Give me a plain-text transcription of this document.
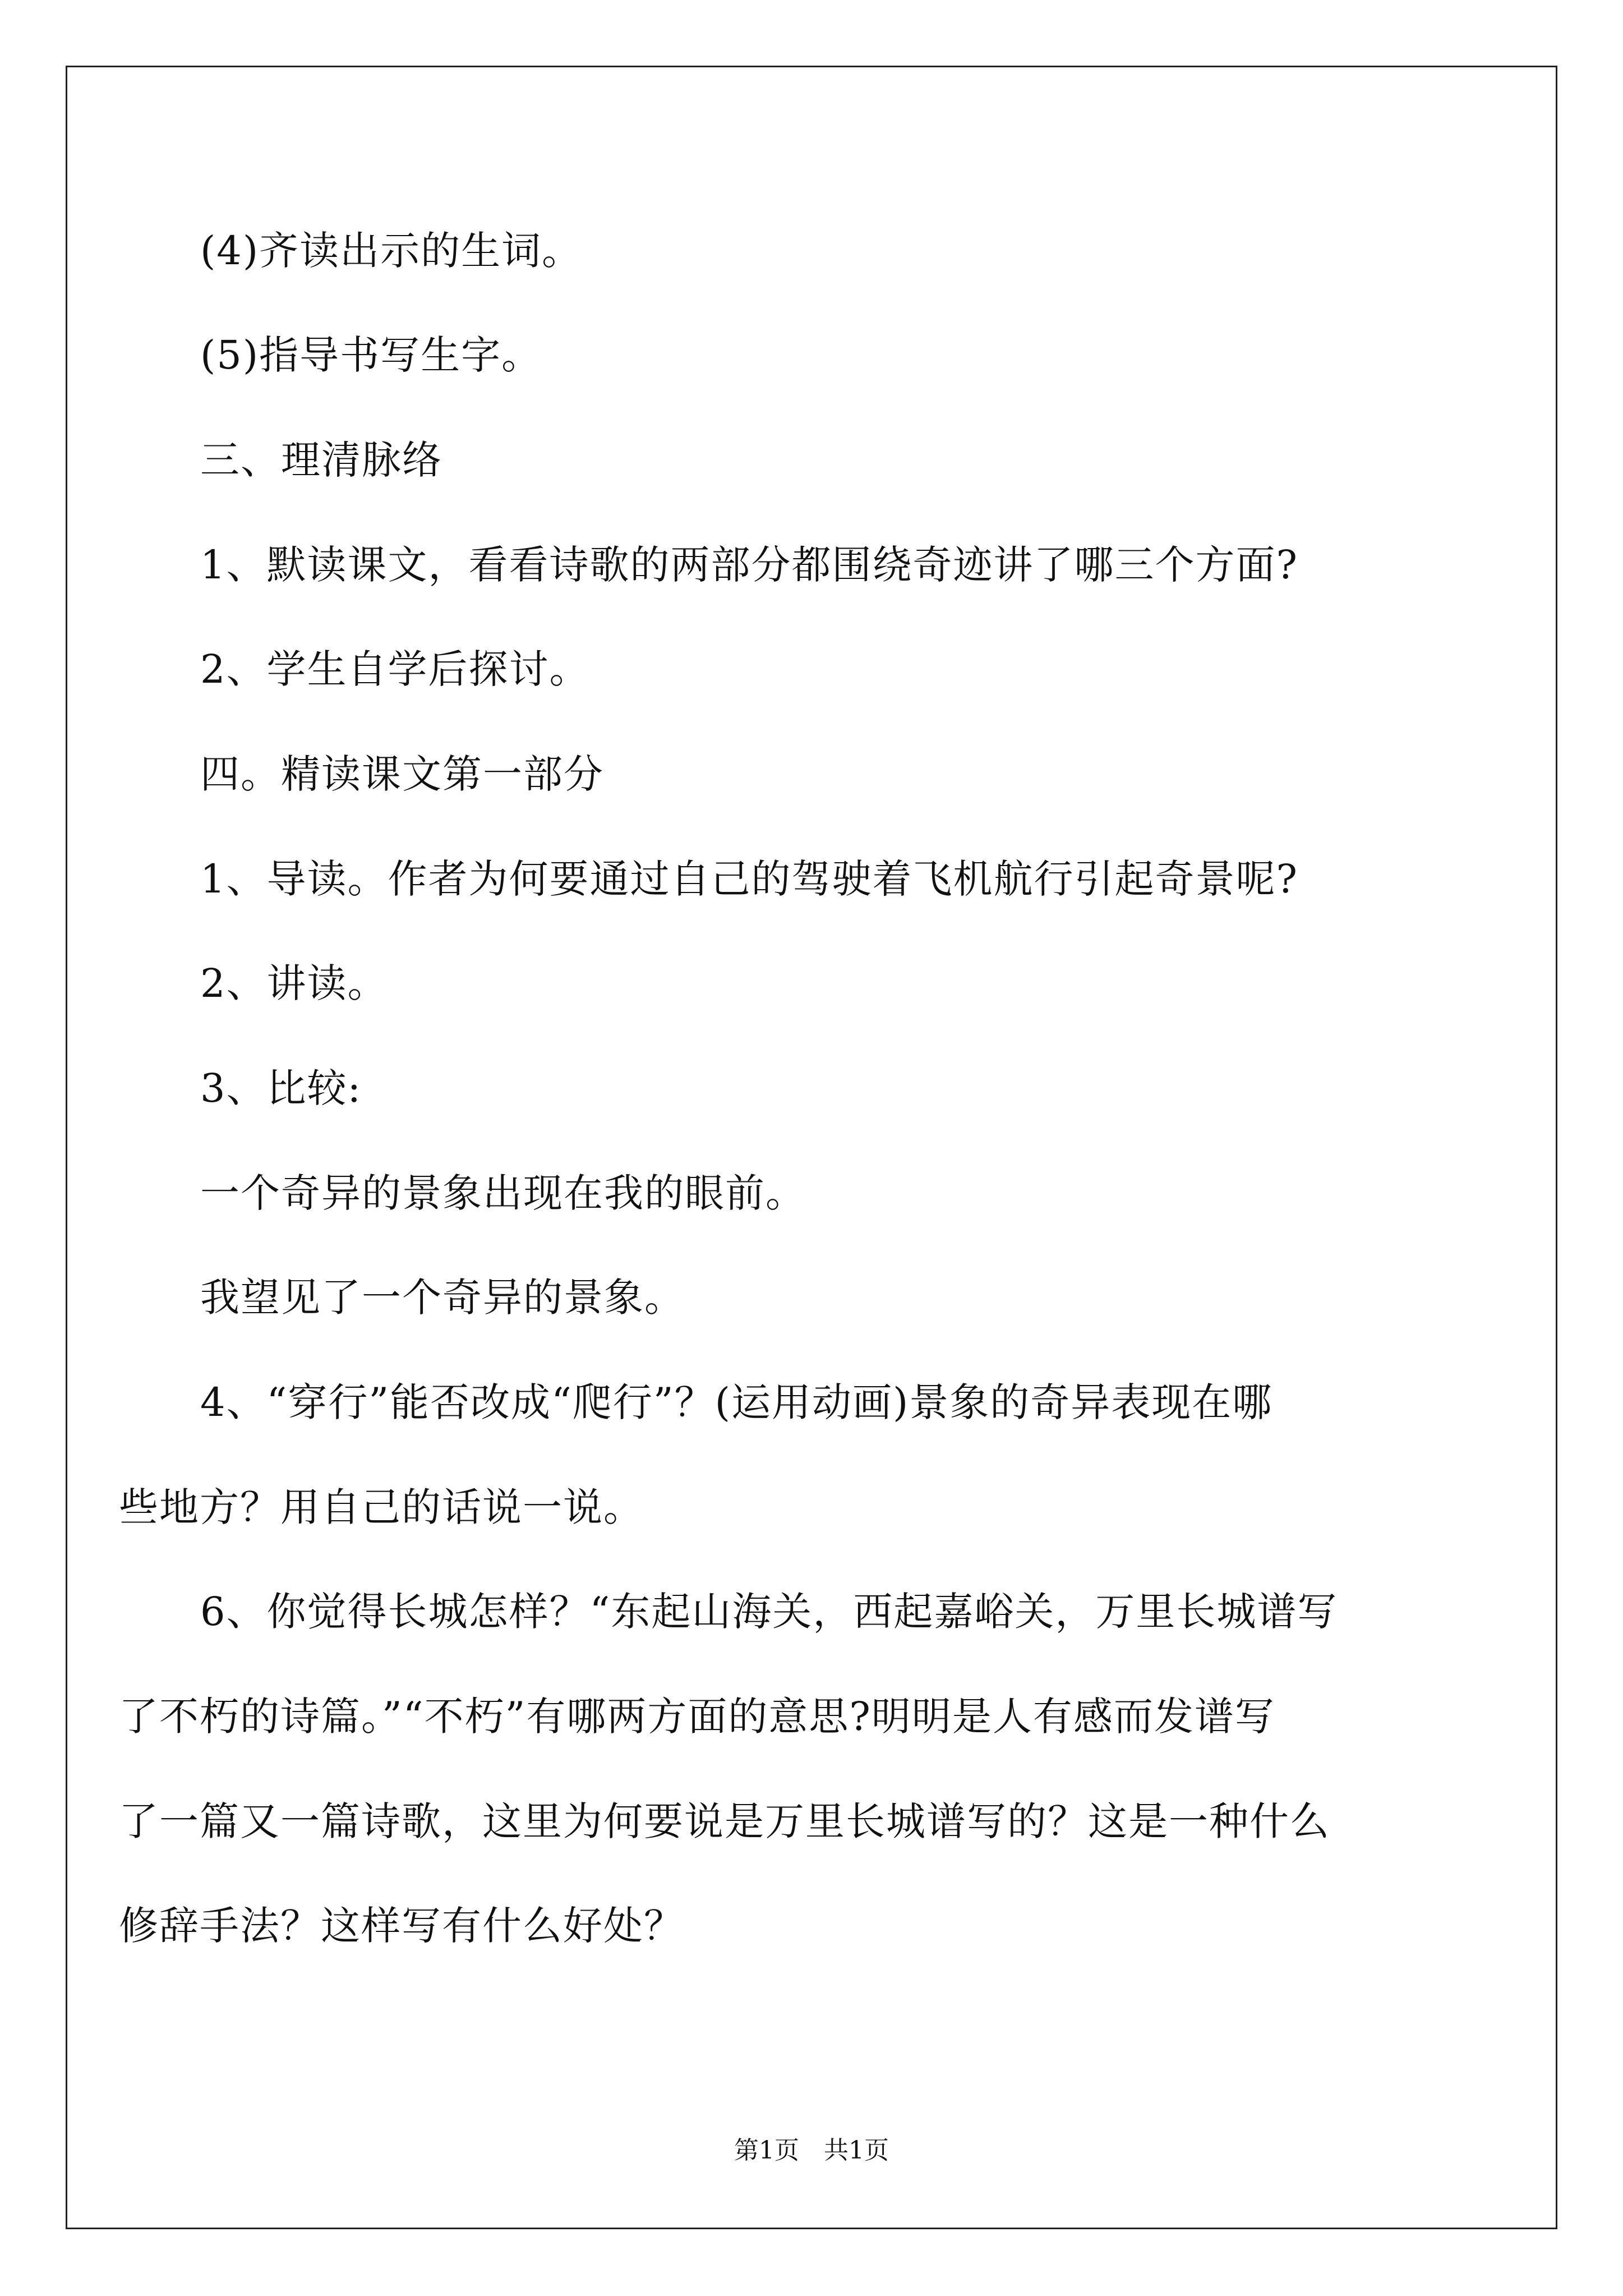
(4)齐读出示的生词。

(5)指导书写生字。

三、理清脉络

1、默读课文，看看诗歌的两部分都围绕奇迹讲了哪三个方面?

2、学生自学后探讨。

四。精读课文第一部分

1、导读。作者为何要通过自己的驾驶着飞机航行引起奇景呢?

2、讲读。

3、比较:

一个奇异的景象出现在我的眼前。

我望见了一个奇异的景象。

4、“穿行”能否改成“爬行”？(运用动画)景象的奇异表现在哪

些地方？用自己的话说一说。

6、你觉得长城怎样？“东起山海关，西起嘉峪关，万里长城谱写

了不朽的诗篇。”“不朽”有哪两方面的意思?明明是人有感而发谱写

了一篇又一篇诗歌，这里为何要说是万里长城谱写的？这是一种什么

修辞手法？这样写有什么好处？

第1页　共1页
